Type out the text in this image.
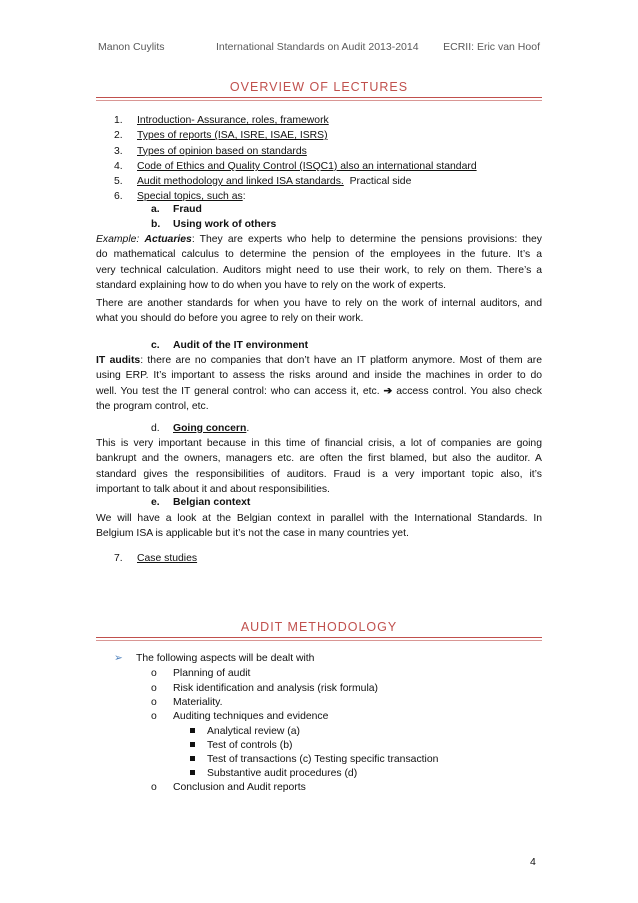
Manon Cuylits	International Standards on Audit 2013-2014 ECRII: Eric van Hoof
OVERVIEW OF LECTURES
1. Introduction- Assurance, roles, framework
2. Types of reports (ISA, ISRE, ISAE, ISRS)
3. Types of opinion based on standards
4. Code of Ethics and Quality Control (ISQC1) also an international standard
5. Audit methodology and linked ISA standards.  Practical side
6. Special topics, such as:
a. Fraud
b. Using work of others
Example: Actuaries: They are experts who help to determine the pensions provisions: they
do mathematical calculus to determine the pension of the employees in the future. It’s a
very technical calculation. Auditors might need to use their work, to rely on them. There’s a
standard explaining how to do when you have to rely on the work of experts.
There are another standards for when you have to rely on the work of internal auditors, and
what you should do before you agree to rely on their work.
c. Audit of the IT environment
IT audits: there are no companies that don’t have an IT platform anymore. Most of them are
using ERP. It’s important to assess the risks around and inside the machines in order to do
well. You test the IT general control: who can access it, etc. ➔ access control. You also check
the program control, etc.
d. Going concern.
This is very important because in this time of financial crisis, a lot of companies are going
bankrupt and the owners, managers etc. are often the first blamed, but also the auditor. A
standard gives the responsibilities of auditors. Fraud is a very important topic also, it’s
important to talk about it and about responsibilities.
e. Belgian context
We will have a look at the Belgian context in parallel with the International Standards. In
Belgium ISA is applicable but it’s not the case in many countries yet.
7. Case studies
AUDIT METHODOLOGY
➢ The following aspects will be dealt with
o Planning of audit
o Risk identification and analysis (risk formula)
o Materiality.
o Auditing techniques and evidence
Analytical review (a)
Test of controls (b)
Test of transactions (c) Testing specific transaction
Substantive audit procedures (d)
o Conclusion and Audit reports
4
